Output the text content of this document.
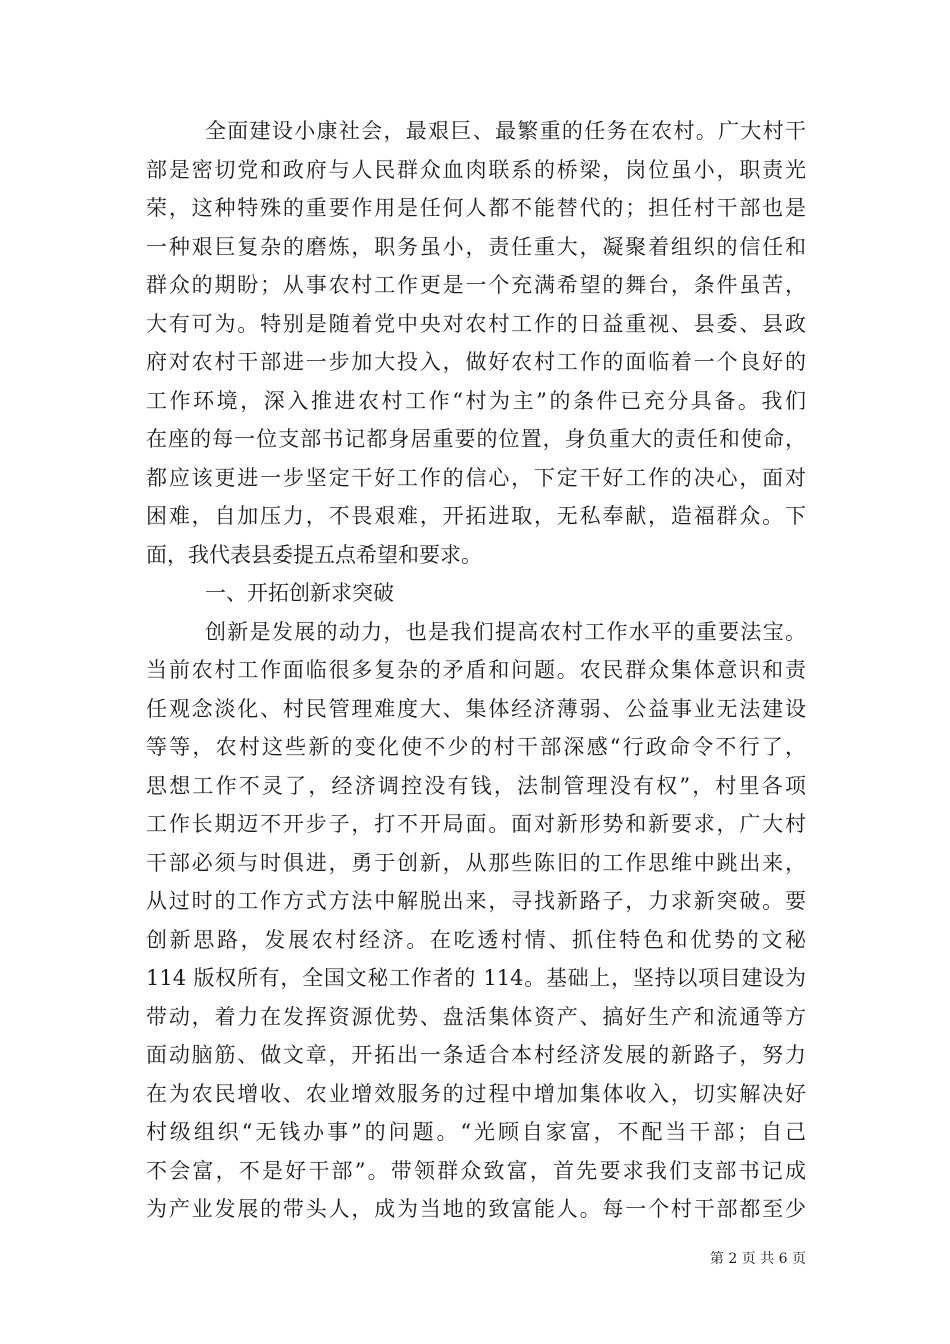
全面建设小康社会，最艰巨、最繁重的任务在农村。广大村干
部是密切党和政府与人民群众血肉联系的桥梁，岗位虽小，职责光
荣，这种特殊的重要作用是任何人都不能替代的；担任村干部也是
一种艰巨复杂的磨炼，职务虽小，责任重大，凝聚着组织的信任和
群众的期盼；从事农村工作更是一个充满希望的舞台，条件虽苦，
大有可为。特别是随着党中央对农村工作的日益重视、县委、县政
府对农村干部进一步加大投入，做好农村工作的面临着一个良好的
工作环境，深入推进农村工作“村为主”的条件已充分具备。我们
在座的每一位支部书记都身居重要的位置，身负重大的责任和使命，
都应该更进一步坚定干好工作的信心，下定干好工作的决心，面对
困难，自加压力，不畏艰难，开拓进取，无私奉献，造福群众。下
面，我代表县委提五点希望和要求。
一、开拓创新求突破
创新是发展的动力，也是我们提高农村工作水平的重要法宝。
当前农村工作面临很多复杂的矛盾和问题。农民群众集体意识和责
任观念淡化、村民管理难度大、集体经济薄弱、公益事业无法建设
等等，农村这些新的变化使不少的村干部深感“行政命令不行了，
思想工作不灵了，经济调控没有钱，法制管理没有权”，村里各项
工作长期迈不开步子，打不开局面。面对新形势和新要求，广大村
干部必须与时俱进，勇于创新，从那些陈旧的工作思维中跳出来，
从过时的工作方式方法中解脱出来，寻找新路子，力求新突破。要
创新思路，发展农村经济。在吃透村情、抓住特色和优势的文秘
114 版权所有，全国文秘工作者的 114。基础上，坚持以项目建设为
带动，着力在发挥资源优势、盘活集体资产、搞好生产和流通等方
面动脑筋、做文章，开拓出一条适合本村经济发展的新路子，努力
在为农民增收、农业增效服务的过程中增加集体收入，切实解决好
村级组织“无钱办事”的问题。“光顾自家富，不配当干部；自己
不会富，不是好干部”。带领群众致富，首先要求我们支部书记成
为产业发展的带头人，成为当地的致富能人。每一个村干部都至少
第 2 页 共 6 页
